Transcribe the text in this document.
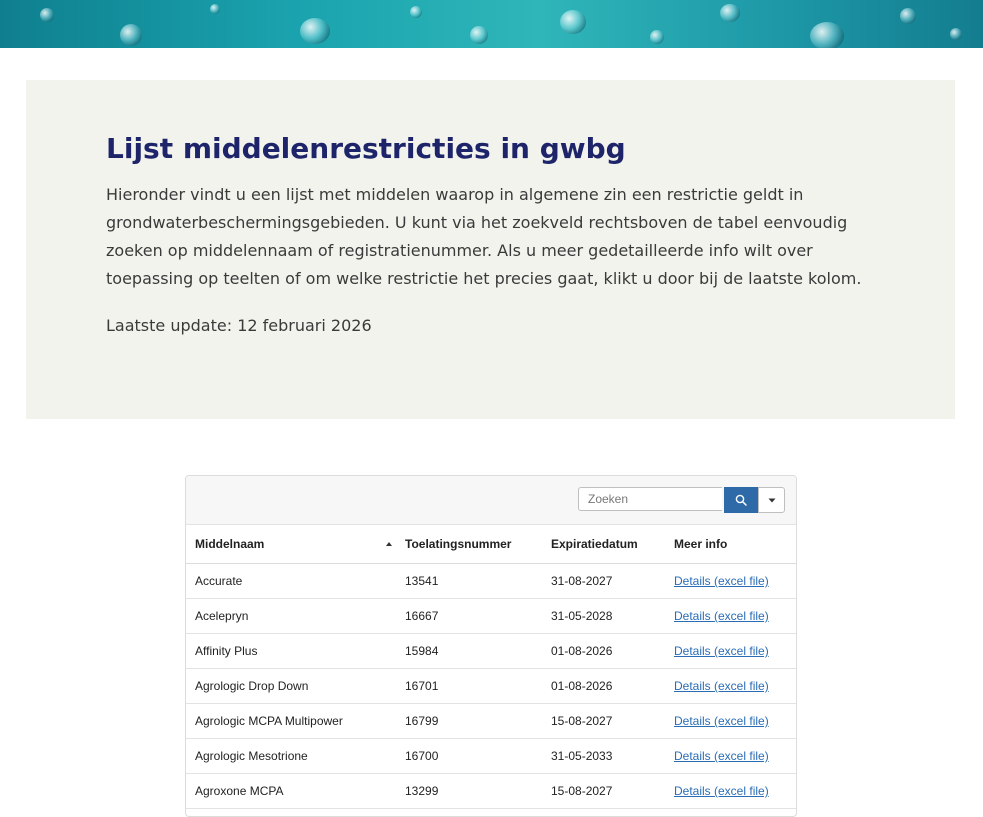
Lijst middelenrestricties in gwbg

Hieronder vindt u een lijst met middelen waarop in algemene zin een restrictie geldt in grondwaterbeschermingsgebieden. U kunt via het zoekveld rechtsboven de tabel eenvoudig zoeken op middelennaam of registratienummer. Als u meer gedetailleerde info wilt over toepassing op teelten of om welke restrictie het precies gaat, klikt u door bij de laatste kolom.

Laatste update: 12 februari 2026

Zoeken
Middelnaam	Toelatingsnummer	Expiratiedatum	Meer info
Accurate	13541	31-08-2027	Details (excel file)
Acelepryn	16667	31-05-2028	Details (excel file)
Affinity Plus	15984	01-08-2026	Details (excel file)
Agrologic Drop Down	16701	01-08-2026	Details (excel file)
Agrologic MCPA Multipower	16799	15-08-2027	Details (excel file)
Agrologic Mesotrione	16700	31-05-2033	Details (excel file)
Agroxone MCPA	13299	15-08-2027	Details (excel file)
